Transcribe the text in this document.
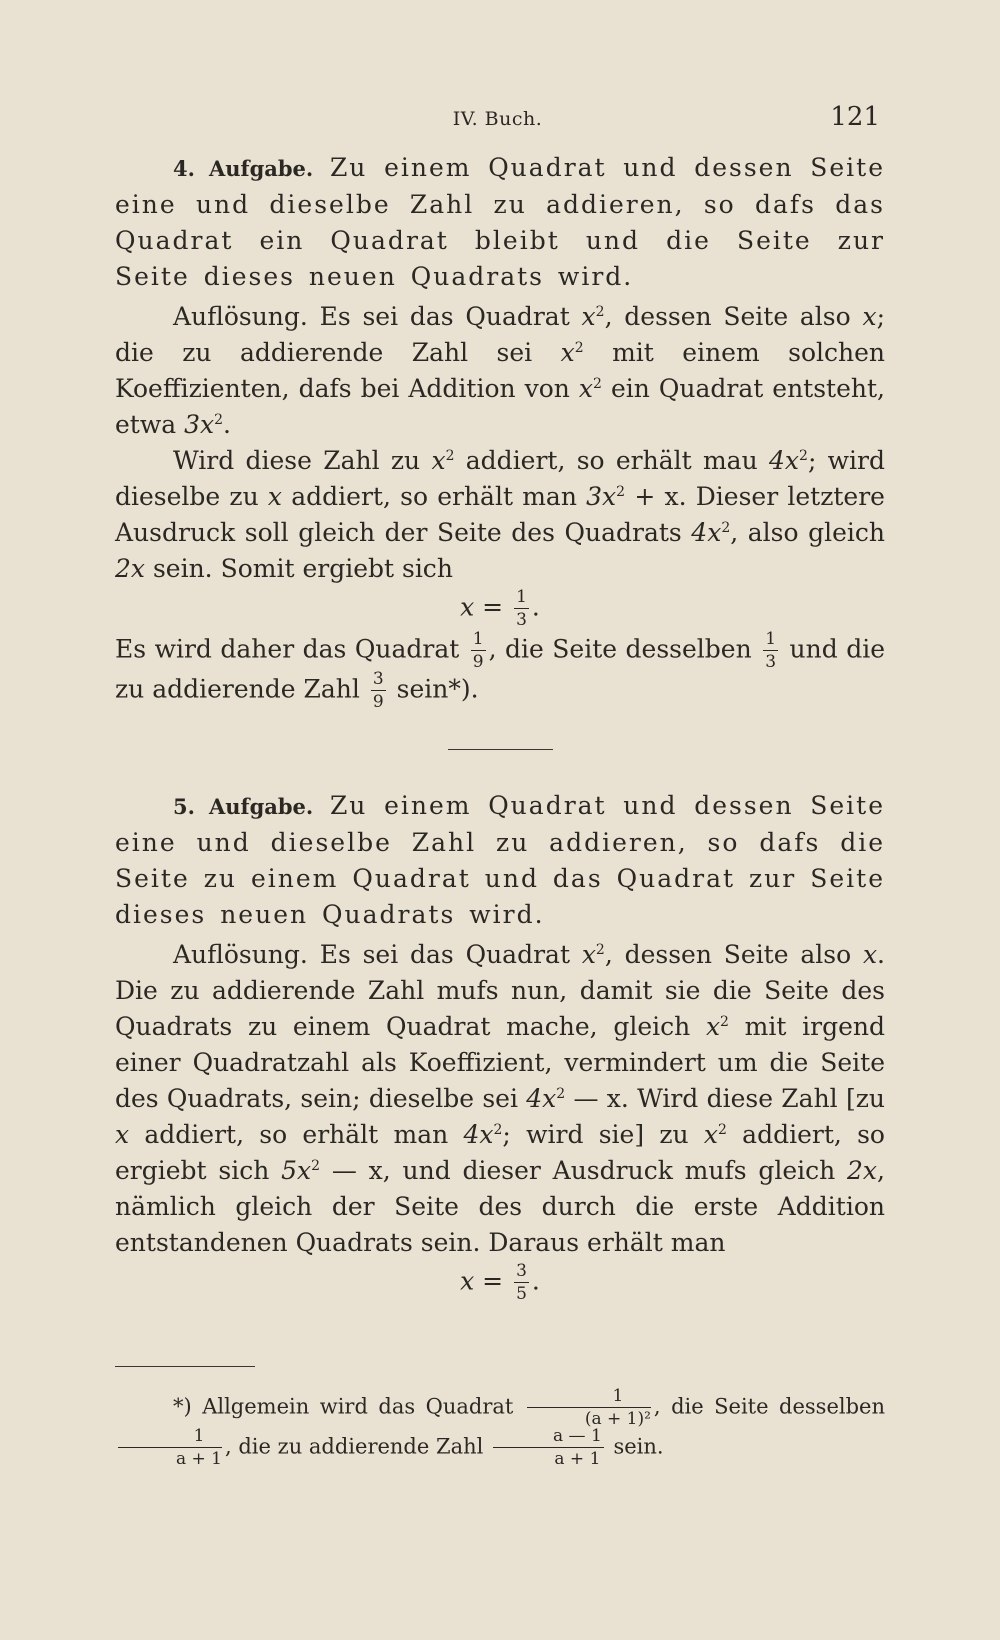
IV. Buch.	121

4. Aufgabe. Zu einem Quadrat und dessen Seite eine und dieselbe Zahl zu addieren, so dafs das Quadrat ein Quadrat bleibt und die Seite zur Seite dieses neuen Quadrats wird.

Auflösung. Es sei das Quadrat $x^2$, dessen Seite also x; die zu addierende Zahl sei $x^2$ mit einem solchen Koeffizienten, dafs bei Addition von $x^2$ ein Quadrat entsteht, etwa $3x^2$.

Wird diese Zahl zu $x^2$ addiert, so erhält mau $4x^2$; wird dieselbe zu x addiert, so erhält man $3x^2 + x$. Dieser letztere Ausdruck soll gleich der Seite des Quadrats $4x^2$, also gleich 2x sein. Somit ergiebt sich

$x = \frac{1}{3}$ .

Es wird daher das Quadrat $\frac{1}{9}$ , die Seite desselben $\frac{1}{3}$ und die zu addierende Zahl $\frac{3}{9}$ sein*).

5. Aufgabe. Zu einem Quadrat und dessen Seite eine und dieselbe Zahl zu addieren, so dafs die Seite zu einem Quadrat und das Quadrat zur Seite dieses neuen Quadrats wird.

Auflösung. Es sei das Quadrat $x^2$, dessen Seite also x. Die zu addierende Zahl mufs nun, damit sie die Seite des Quadrats zu einem Quadrat mache, gleich $x^2$ mit irgend einer Quadratzahl als Koeffizient, vermindert um die Seite des Quadrats, sein; dieselbe sei $4x^2$ — x. Wird diese Zahl [zu x addiert, so erhält man $4x^2$; wird sie] zu $x^2$ addiert, so ergiebt sich $5x^2$ — x, und dieser Ausdruck mufs gleich 2x, nämlich gleich der Seite des durch die erste Addition entstandenen Quadrats sein. Daraus erhält man

$x = \frac{3}{5}$ .

*) Allgemein wird das Quadrat $\frac{1}{\text{(a + 1)²}}$ , die Seite desselben
$\frac{1}{a + 1}$ , die zu addierende Zahl $\frac{a — 1}{a + 1}$ sein.
